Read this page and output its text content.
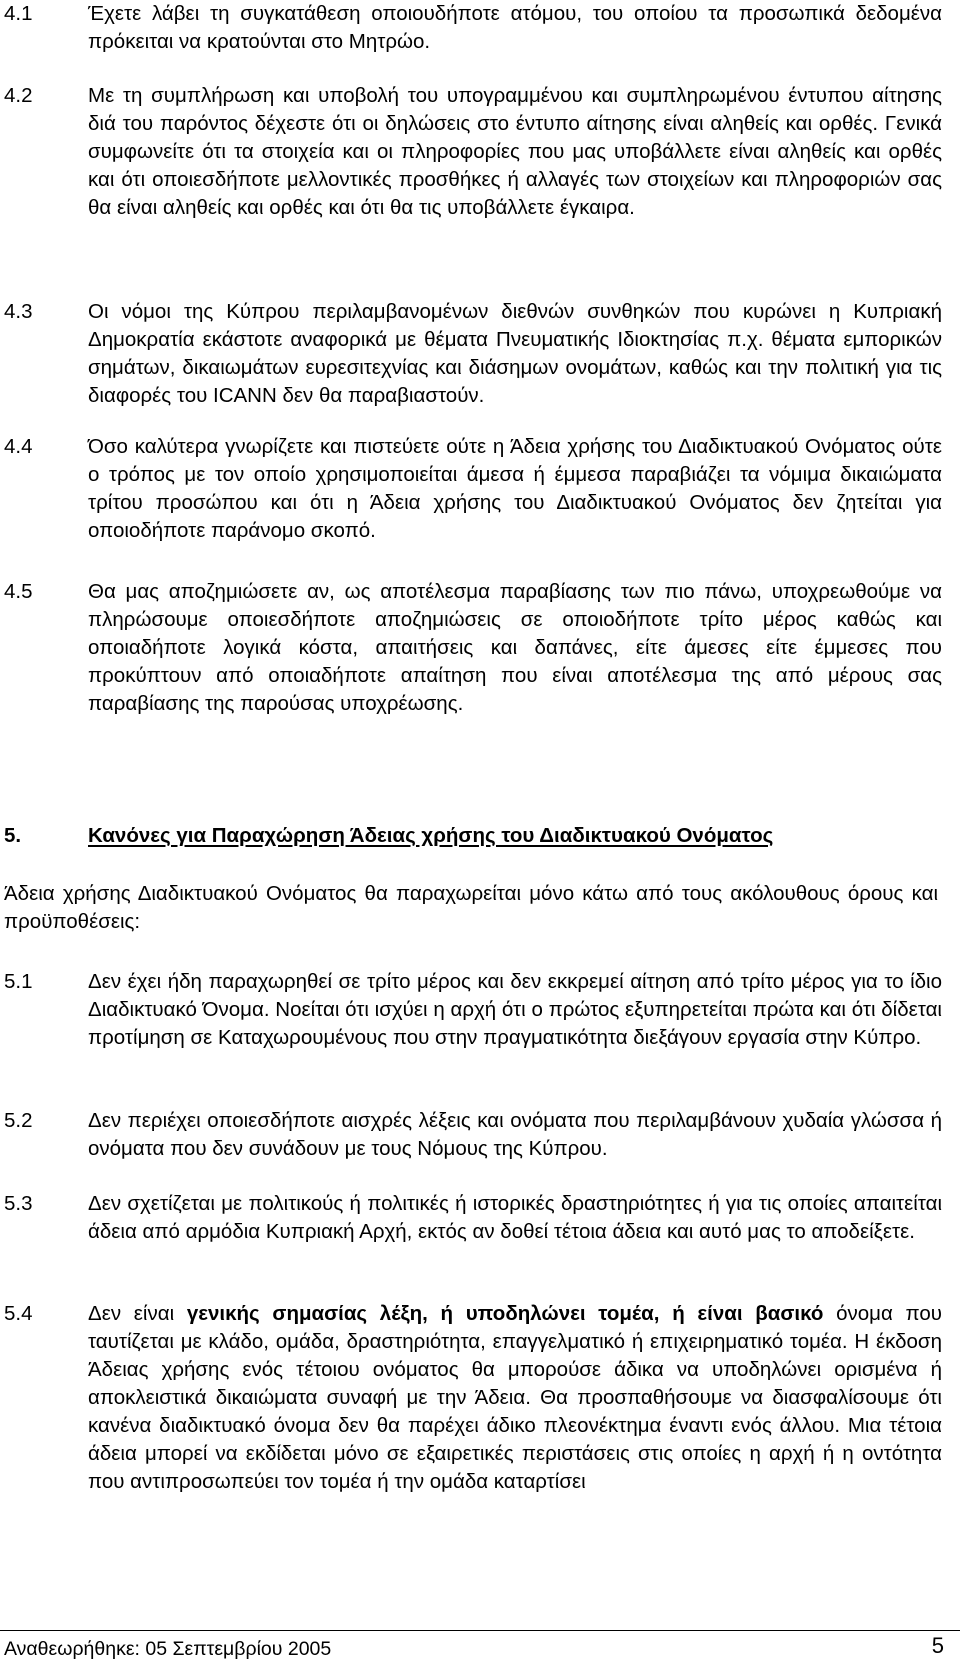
4.1	Έχετε λάβει τη συγκατάθεση οποιουδήποτε ατόμου, του οποίου τα προσωπικά δεδομένα πρόκειται να κρατούνται στο Μητρώο.
4.2	Με τη συμπλήρωση και υποβολή του υπογραμμένου και συμπληρωμένου έντυπου αίτησης διά του παρόντος δέχεστε ότι οι δηλώσεις στο έντυπο αίτησης είναι αληθείς και ορθές. Γενικά συμφωνείτε ότι τα στοιχεία και οι πληροφορίες που μας υποβάλλετε είναι αληθείς και ορθές και ότι οποιεσδήποτε μελλοντικές προσθήκες ή αλλαγές των στοιχείων και πληροφοριών σας θα είναι αληθείς και ορθές και ότι θα τις υποβάλλετε έγκαιρα.
4.3	Οι νόμοι της Κύπρου περιλαμβανομένων διεθνών συνθηκών που κυρώνει η Κυπριακή Δημοκρατία εκάστοτε αναφορικά με θέματα Πνευματικής Ιδιοκτησίας π.χ. θέματα εμπορικών σημάτων, δικαιωμάτων ευρεσιτεχνίας και διάσημων ονομάτων, καθώς και την πολιτική για τις διαφορές του ICANN δεν θα παραβιαστούν.
4.4	Όσο καλύτερα γνωρίζετε και πιστεύετε ούτε η Άδεια χρήσης του Διαδικτυακού Ονόματος ούτε ο τρόπος με τον οποίο χρησιμοποιείται άμεσα ή έμμεσα παραβιάζει τα νόμιμα δικαιώματα τρίτου προσώπου και ότι η Άδεια χρήσης του Διαδικτυακού Ονόματος δεν ζητείται για οποιοδήποτε παράνομο σκοπό.
4.5	Θα μας αποζημιώσετε αν, ως αποτέλεσμα παραβίασης των πιο πάνω, υποχρεωθούμε να πληρώσουμε οποιεσδήποτε αποζημιώσεις σε οποιοδήποτε τρίτο μέρος καθώς και οποιαδήποτε λογικά κόστα, απαιτήσεις και δαπάνες, είτε άμεσες είτε έμμεσες που προκύπτουν από οποιαδήποτε απαίτηση που είναι αποτέλεσμα της από μέρους σας παραβίασης της παρούσας υποχρέωσης.
5.	Κανόνες για Παραχώρηση Άδειας χρήσης του Διαδικτυακού Ονόματος
Άδεια χρήσης Διαδικτυακού Ονόματος θα παραχωρείται μόνο κάτω από τους ακόλουθους όρους και προϋποθέσεις:
5.1	Δεν έχει ήδη παραχωρηθεί σε τρίτο μέρος και δεν εκκρεμεί αίτηση από τρίτο μέρος για το ίδιο Διαδικτυακό Όνομα. Νοείται ότι ισχύει η αρχή ότι ο πρώτος εξυπηρετείται πρώτα και ότι δίδεται προτίμηση σε Καταχωρουμένους που στην πραγματικότητα διεξάγουν εργασία στην Κύπρο.
5.2	Δεν περιέχει οποιεσδήποτε αισχρές λέξεις και ονόματα που περιλαμβάνουν χυδαία γλώσσα ή ονόματα που δεν συνάδουν με τους Νόμους της Κύπρου.
5.3	Δεν σχετίζεται με πολιτικούς ή πολιτικές ή ιστορικές δραστηριότητες ή για τις οποίες απαιτείται άδεια από αρμόδια Κυπριακή Αρχή, εκτός αν δοθεί τέτοια άδεια και αυτό μας το αποδείξετε.
5.4	Δεν είναι γενικής σημασίας λέξη, ή υποδηλώνει τομέα, ή είναι βασικό όνομα που ταυτίζεται με κλάδο, ομάδα, δραστηριότητα, επαγγελματικό ή επιχειρηματικό τομέα. Η έκδοση Άδειας χρήσης ενός τέτοιου ονόματος θα μπορούσε άδικα να υποδηλώνει ορισμένα ή αποκλειστικά δικαιώματα συναφή με την Άδεια. Θα προσπαθήσουμε να διασφαλίσουμε ότι κανένα διαδικτυακό όνομα δεν θα παρέχει άδικο πλεονέκτημα έναντι ενός άλλου. Μια τέτοια άδεια μπορεί να εκδίδεται μόνο σε εξαιρετικές περιστάσεις στις οποίες η αρχή ή η οντότητα που αντιπροσωπεύει τον τομέα ή την ομάδα καταρτίσει
Αναθεωρήθηκε: 05 Σεπτεμβρίου 2005	5
